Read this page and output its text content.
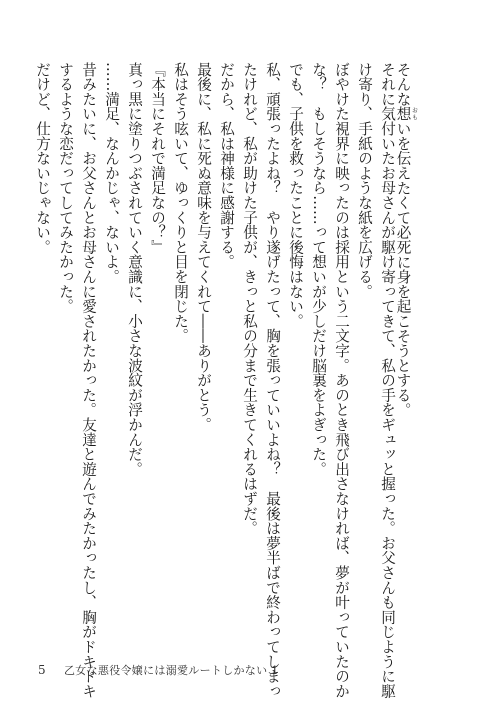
そんな想 おもいを伝えたくて必死に身を起こそうとする。
それに気付いたお母さんが駆け寄ってきて、私の手をギュッと握った。お父さんも同じように駆
け寄り、手紙のような紙を広げる。
ぼやけた視界に映ったのは採用という二文字。あのとき飛び出さなければ、夢が叶っていたのか
な？　もしそうなら……って想いが少しだけ脳裏をよぎった。
でも、子供を救ったことに後悔はない。
私、頑張ったよね？　やり遂げたって、胸を張っていいよね？　最後は夢半ばで終わってしまっ
たけれど、私が助けた子供が、きっと私の分まで生きてくれるはずだ。
だから、私は神様に感謝する。
最後に、私に死ぬ意味を与えてくれて――ありがとう。
私はそう呟いて、ゆっくりと目を閉じた。
『本当にそれで満足なの？』
真っ黒に塗りつぶされていく意識に、小さな波紋が浮かんだ。
……満足、なんかじゃ、ないよ。
昔みたいに、お父さんとお母さんに愛されたかった。友達と遊んでみたかったし、胸がドキドキ
するような恋だってしてみたかった。
だけど、仕方ないじゃない。
5 乙女な悪役令嬢には溺愛ルートしかない 1
